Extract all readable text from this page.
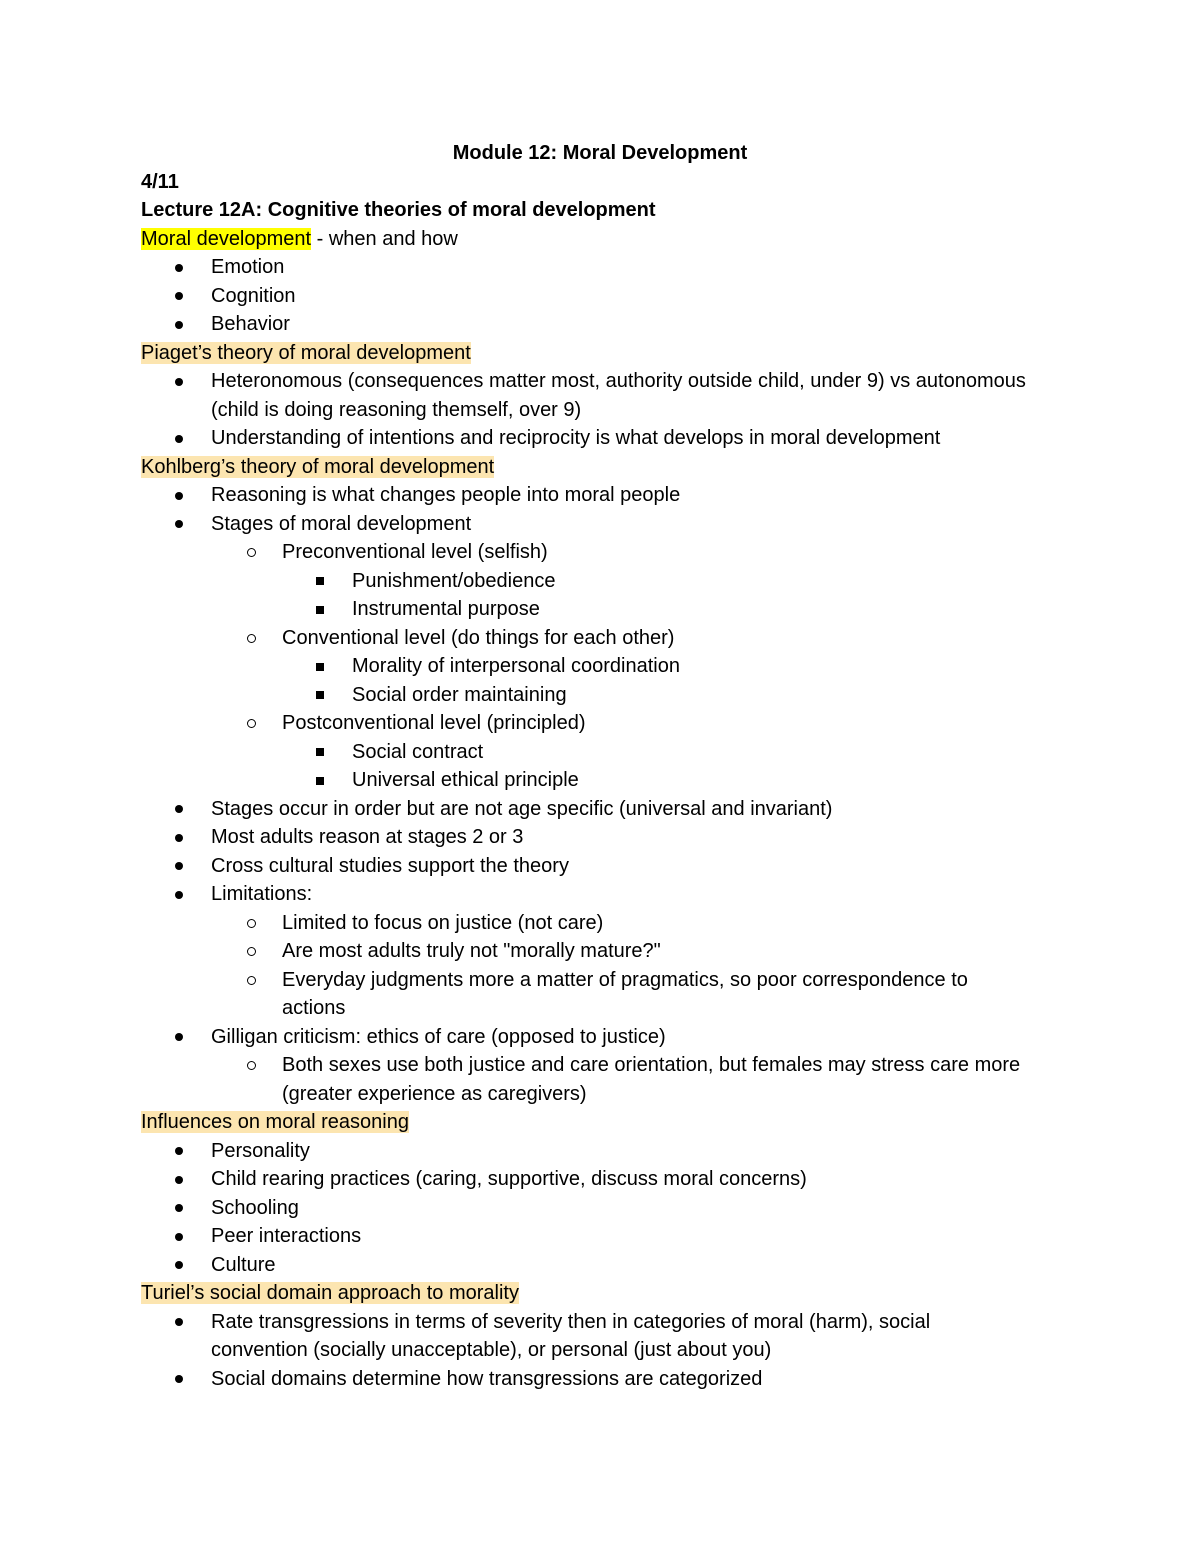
Module 12: Moral Development
4/11
Lecture 12A: Cognitive theories of moral development
Moral development - when and how
Emotion
Cognition
Behavior
Piaget’s theory of moral development
Heteronomous (consequences matter most, authority outside child, under 9) vs autonomous (child is doing reasoning themself, over 9)
Understanding of intentions and reciprocity is what develops in moral development
Kohlberg’s theory of moral development
Reasoning is what changes people into moral people
Stages of moral development
Preconventional level (selfish)
Punishment/obedience
Instrumental purpose
Conventional level (do things for each other)
Morality of interpersonal coordination
Social order maintaining
Postconventional level (principled)
Social contract
Universal ethical principle
Stages occur in order but are not age specific (universal and invariant)
Most adults reason at stages 2 or 3
Cross cultural studies support the theory
Limitations:
Limited to focus on justice (not care)
Are most adults truly not "morally mature?"
Everyday judgments more a matter of pragmatics, so poor correspondence to actions
Gilligan criticism: ethics of care (opposed to justice)
Both sexes use both justice and care orientation, but females may stress care more (greater experience as caregivers)
Influences on moral reasoning
Personality
Child rearing practices (caring, supportive, discuss moral concerns)
Schooling
Peer interactions
Culture
Turiel’s social domain approach to morality
Rate transgressions in terms of severity then in categories of moral (harm), social convention (socially unacceptable), or personal (just about you)
Social domains determine how transgressions are categorized
